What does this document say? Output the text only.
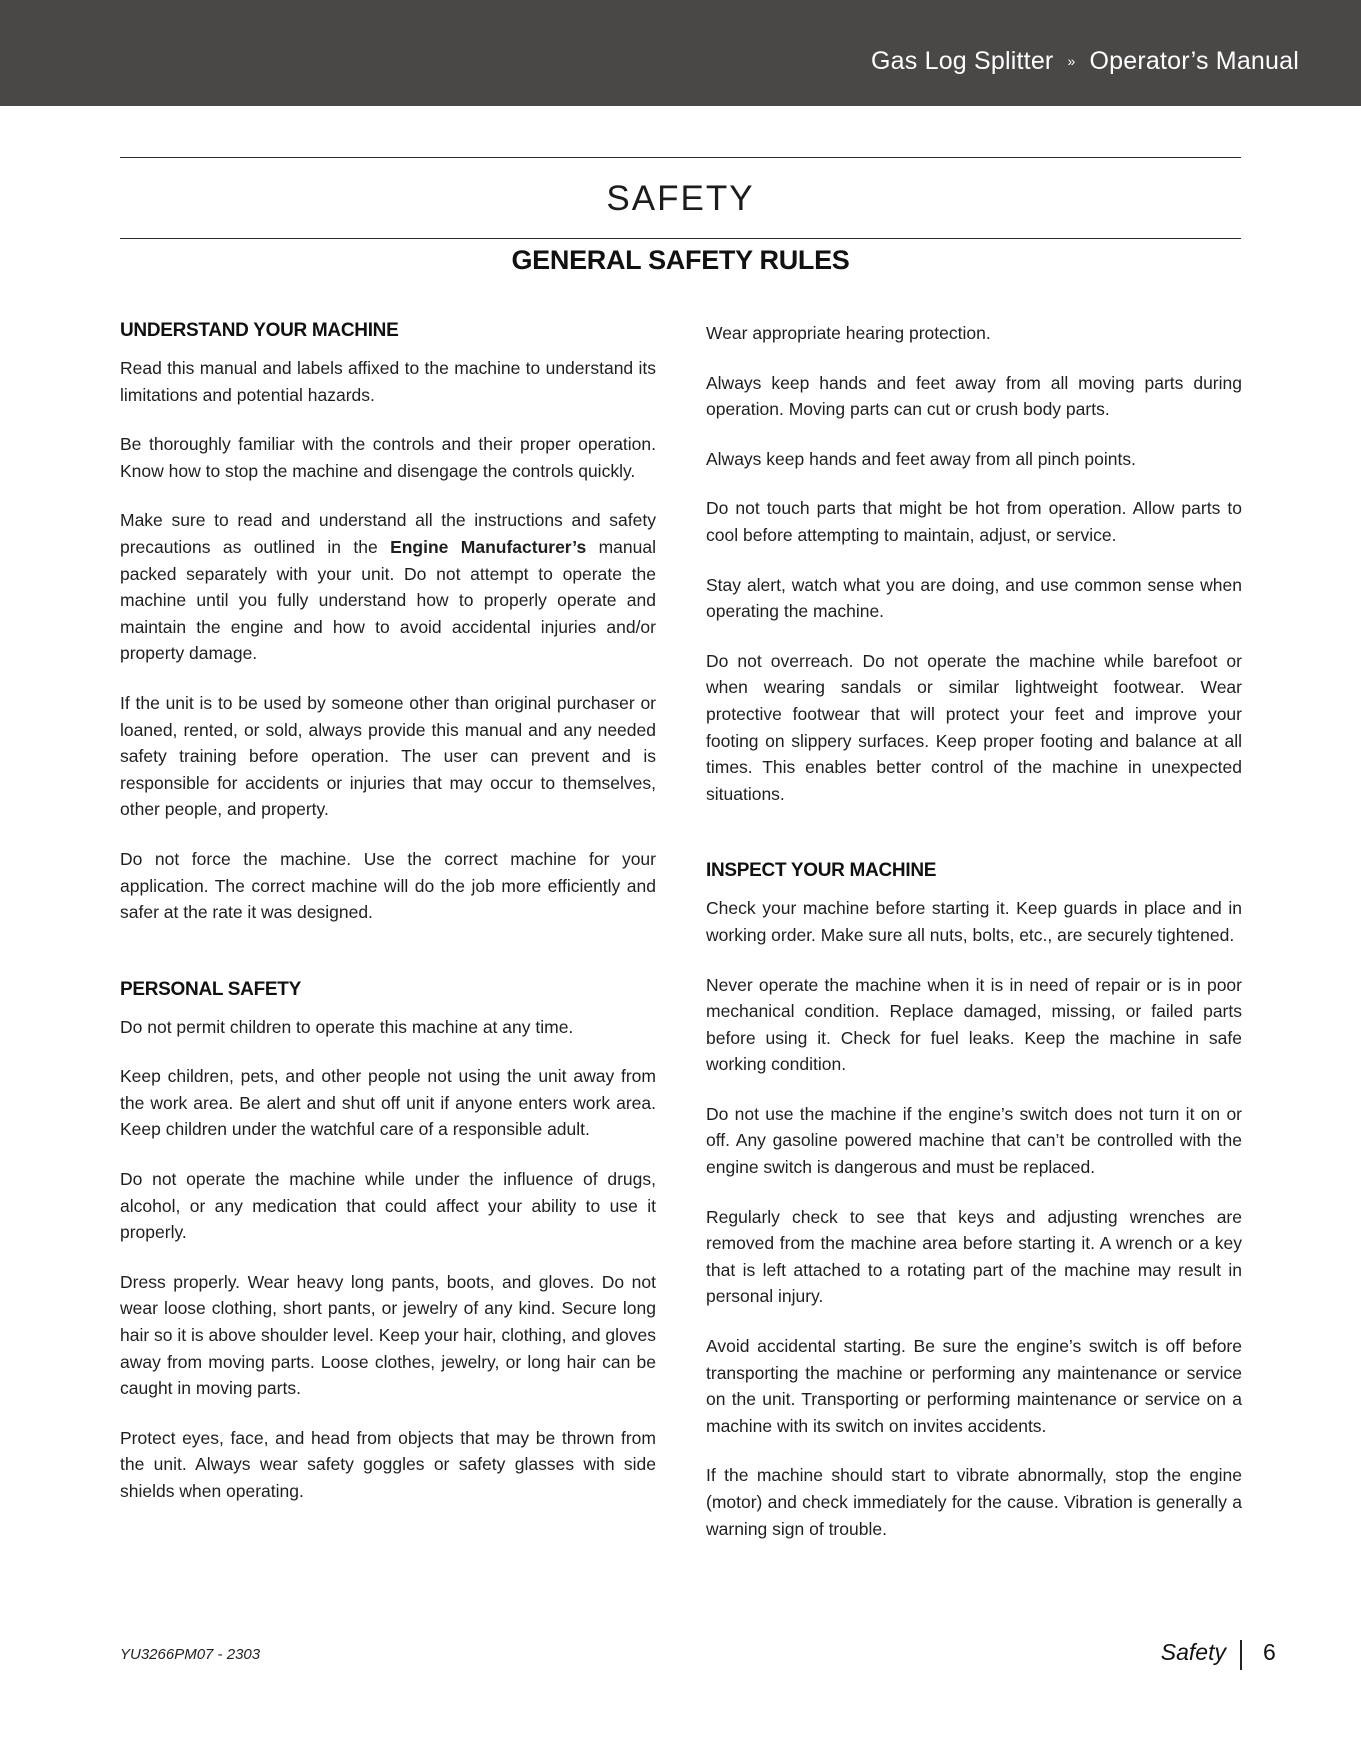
Gas Log Splitter » Operator’s Manual
SAFETY
GENERAL SAFETY RULES
UNDERSTAND YOUR MACHINE

Read this manual and labels affixed to the machine to understand its limitations and potential hazards.

Be thoroughly familiar with the controls and their proper operation. Know how to stop the machine and disengage the controls quickly.

Make sure to read and understand all the instructions and safety precautions as outlined in the Engine Manufacturer’s manual packed separately with your unit. Do not attempt to operate the machine until you fully understand how to properly operate and maintain the engine and how to avoid accidental injuries and/or property damage.

If the unit is to be used by someone other than original purchaser or loaned, rented, or sold, always provide this manual and any needed safety training before operation. The user can prevent and is responsible for accidents or injuries that may occur to themselves, other people, and property.

Do not force the machine. Use the correct machine for your application. The correct machine will do the job more efficiently and safer at the rate it was designed.

PERSONAL SAFETY

Do not permit children to operate this machine at any time.

Keep children, pets, and other people not using the unit away from the work area. Be alert and shut off unit if anyone enters work area. Keep children under the watchful care of a responsible adult.

Do not operate the machine while under the influence of drugs, alcohol, or any medication that could affect your ability to use it properly.

Dress properly. Wear heavy long pants, boots, and gloves. Do not wear loose clothing, short pants, or jewelry of any kind. Secure long hair so it is above shoulder level. Keep your hair, clothing, and gloves away from moving parts. Loose clothes, jewelry, or long hair can be caught in moving parts.

Protect eyes, face, and head from objects that may be thrown from the unit. Always wear safety goggles or safety glasses with side shields when operating.

Wear appropriate hearing protection.

Always keep hands and feet away from all moving parts during operation. Moving parts can cut or crush body parts.

Always keep hands and feet away from all pinch points.

Do not touch parts that might be hot from operation. Allow parts to cool before attempting to maintain, adjust, or service.

Stay alert, watch what you are doing, and use common sense when operating the machine.

Do not overreach. Do not operate the machine while barefoot or when wearing sandals or similar lightweight footwear. Wear protective footwear that will protect your feet and improve your footing on slippery surfaces. Keep proper footing and balance at all times. This enables better control of the machine in unexpected situations.

INSPECT YOUR MACHINE

Check your machine before starting it. Keep guards in place and in working order. Make sure all nuts, bolts, etc., are securely tightened.

Never operate the machine when it is in need of repair or is in poor mechanical condition. Replace damaged, missing, or failed parts before using it. Check for fuel leaks. Keep the machine in safe working condition.

Do not use the machine if the engine’s switch does not turn it on or off. Any gasoline powered machine that can’t be controlled with the engine switch is dangerous and must be replaced.

Regularly check to see that keys and adjusting wrenches are removed from the machine area before starting it. A wrench or a key that is left attached to a rotating part of the machine may result in personal injury.

Avoid accidental starting. Be sure the engine’s switch is off before transporting the machine or performing any maintenance or service on the unit. Transporting or performing maintenance or service on a machine with its switch on invites accidents.

If the machine should start to vibrate abnormally, stop the engine (motor) and check immediately for the cause. Vibration is generally a warning sign of trouble.

YU3266PM07 - 2303	Safety 6
